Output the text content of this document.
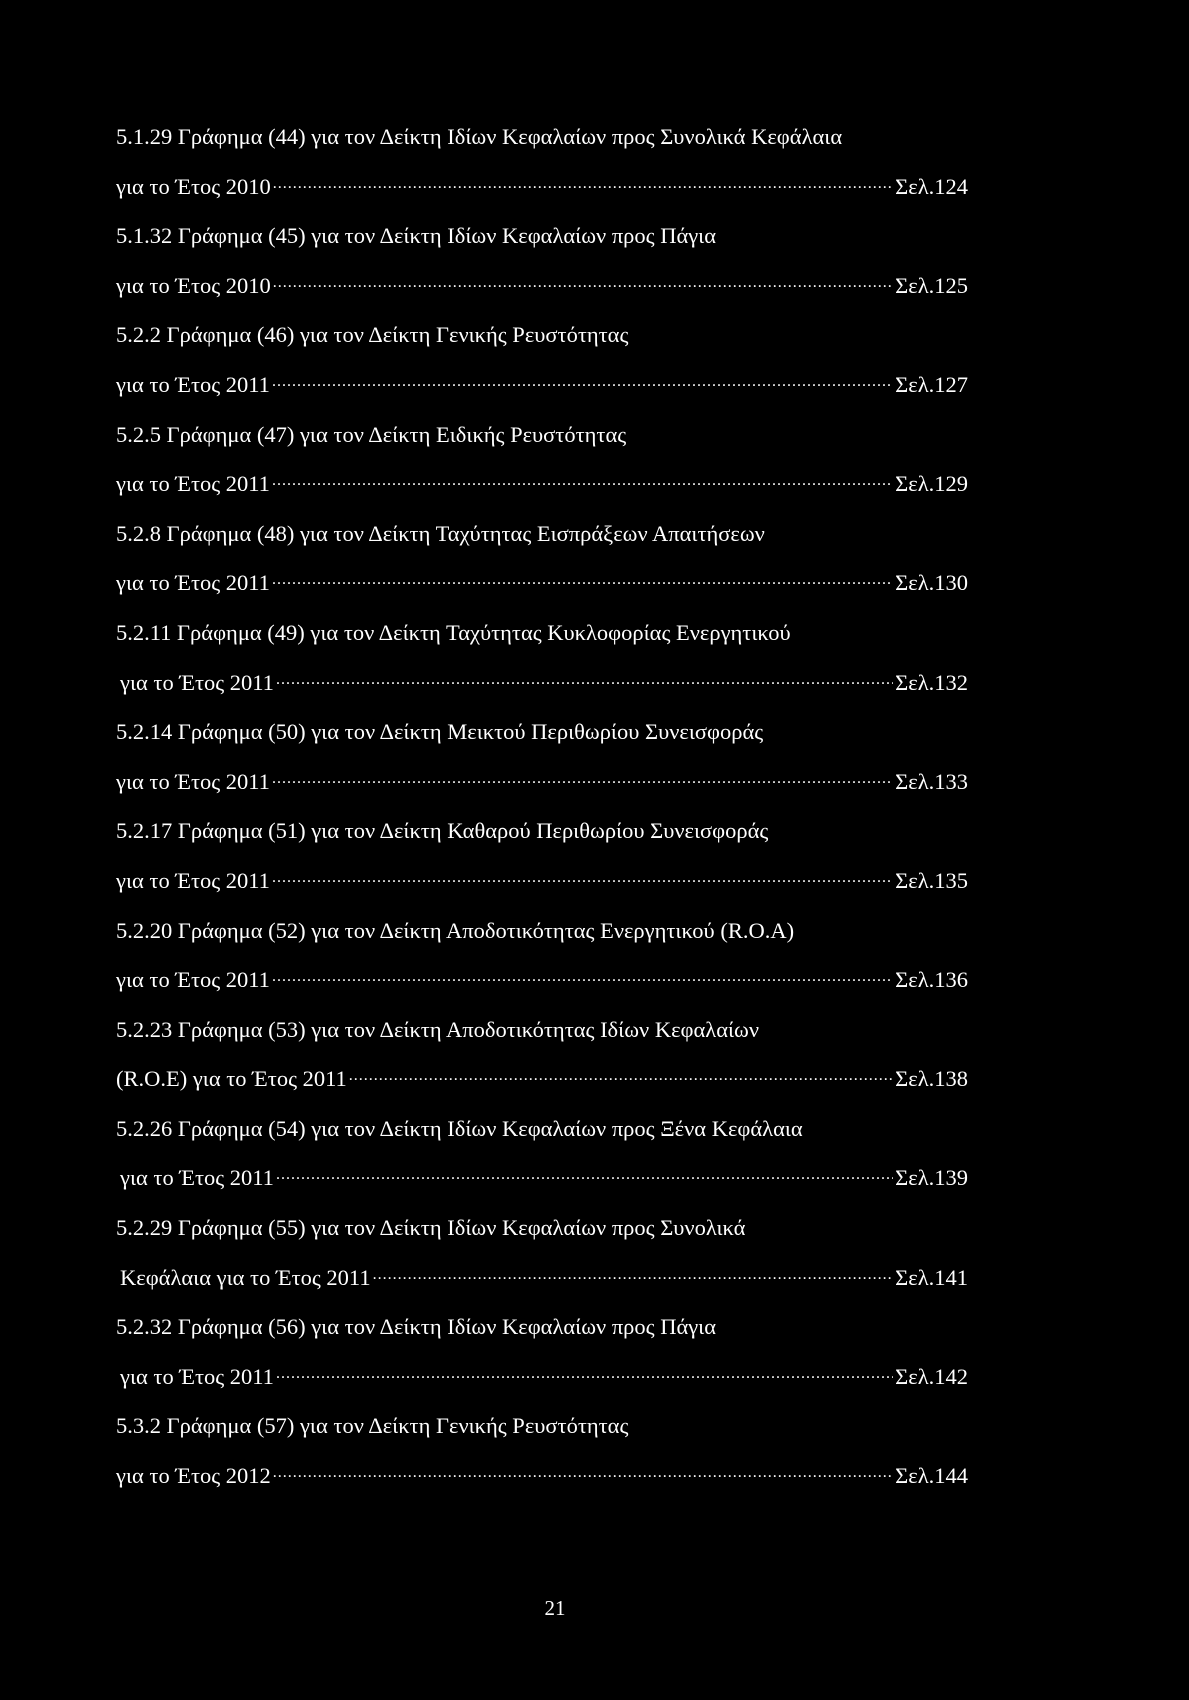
5.1.29 Γράφημα (44) για τον Δείκτη Ιδίων Κεφαλαίων προς Συνολικά Κεφάλαια
για το Έτος 2010 .....	Σελ.124
5.1.32 Γράφημα (45) για τον Δείκτη Ιδίων Κεφαλαίων προς Πάγια
για το Έτος 2010 .....	Σελ.125
5.2.2 Γράφημα (46) για τον Δείκτη Γενικής Ρευστότητας
για το Έτος 2011 .....	Σελ.127
5.2.5 Γράφημα (47) για τον Δείκτη Ειδικής Ρευστότητας
για το Έτος 2011 .....	Σελ.129
5.2.8 Γράφημα (48) για τον Δείκτη Ταχύτητας Εισπράξεων Απαιτήσεων
για το Έτος 2011 .....	Σελ.130
5.2.11 Γράφημα (49) για τον Δείκτη Ταχύτητας Κυκλοφορίας Ενεργητικού
για το Έτος 2011 .....	Σελ.132
5.2.14 Γράφημα (50) για τον Δείκτη Μεικτού Περιθωρίου Συνεισφοράς
για το Έτος 2011 .....	Σελ.133
5.2.17 Γράφημα (51) για τον Δείκτη Καθαρού Περιθωρίου Συνεισφοράς
για το Έτος 2011 .....	Σελ.135
5.2.20 Γράφημα (52) για τον Δείκτη Αποδοτικότητας Ενεργητικού (R.O.A)
για το Έτος 2011 .....	Σελ.136
5.2.23 Γράφημα (53) για τον Δείκτη Αποδοτικότητας Ιδίων Κεφαλαίων
(R.O.E) για το Έτος 2011 .....	Σελ.138
5.2.26 Γράφημα (54) για τον Δείκτη Ιδίων Κεφαλαίων προς Ξένα Κεφάλαια
για το Έτος 2011 .....	Σελ.139
5.2.29 Γράφημα (55) για τον Δείκτη Ιδίων Κεφαλαίων προς Συνολικά
Κεφάλαια για το Έτος 2011 .....	Σελ.141
5.2.32 Γράφημα (56) για τον Δείκτη Ιδίων Κεφαλαίων προς Πάγια
για το Έτος 2011 .....	Σελ.142
5.3.2 Γράφημα (57) για τον Δείκτη Γενικής Ρευστότητας
για το Έτος 2012 .....	Σελ.144
21
